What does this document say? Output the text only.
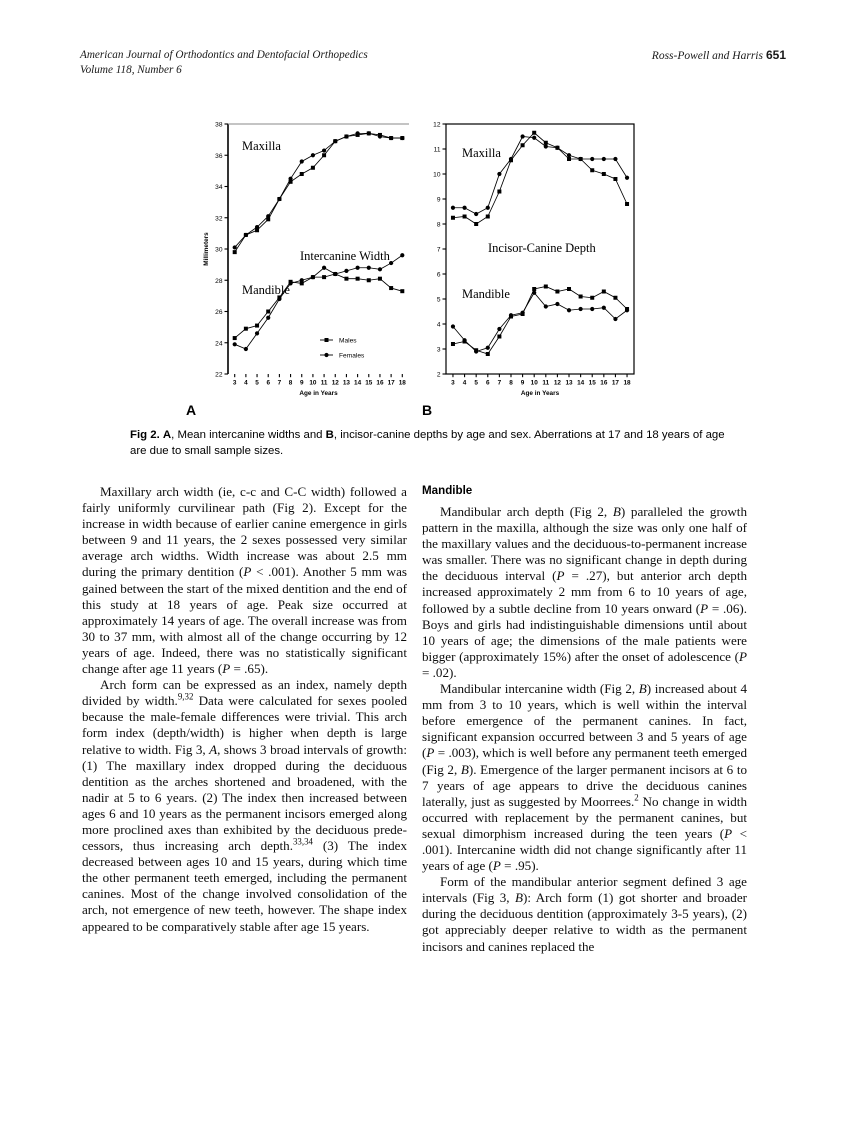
American Journal of Orthodontics and Dentofacial Orthopedics
Volume 118, Number 6
Ross-Powell and Harris 651
22
24
26
28
30
32
34
36
38
3 4 5 6 7 8 9 10 11 12 13 14 15 16 17 18
Age in Years
Millimeters
Maxilla
Intercanine Width
Mandible
Males
Females
A
2
3
4
5
6
7
8
9
10
11
12
3 4 5 6 7 8 9 10 11 12 13 14 15 16 17 18
Age in Years
Maxilla
Incisor-Canine Depth
Mandible
B
Fig 2. A, Mean intercanine widths and B, incisor-canine depths by age and sex. Aberrations at 17 and 18 years of age are due to small sample sizes.

Maxillary arch width (ie, c-c and C-C width) followed a fairly uniformly curvilinear path (Fig 2). Except for the increase in width because of earlier canine emergence in girls between 9 and 11 years, the 2 sexes possessed very similar average arch widths. Width increase was about 2.5 mm during the primary dentition (P < .001). Another 5 mm was gained between the start of the mixed dentition and the end of this study at 18 years of age. Peak size occurred at approximately 14 years of age. The overall increase was from 30 to 37 mm, with almost all of the change occurring by 12 years of age. Indeed, there was no statistically significant change after age 11 years (P = .65).

Arch form can be expressed as an index, namely depth divided by width.$^{9,32}$ Data were calculated for sexes pooled because the male-female differences were trivial. This arch form index (depth/width) is higher when depth is large relative to width. Fig 3, A, shows 3 broad intervals of growth: (1) The maxillary index dropped during the deciduous dentition as the arches shortened and broadened, with the nadir at 5 to 6 years. (2) The index then increased between ages 6 and 10 years as the permanent incisors emerged along more proclined axes than exhibited by the deciduous predecessors, thus increasing arch depth.$^{33,34}$ (3) The index decreased between ages 10 and 15 years, during which time the other permanent teeth emerged, including the permanent canines. Most of the change involved consolidation of the arch, not emergence of new teeth, however. The shape index appeared to be comparatively stable after age 15 years.

Mandible

Mandibular arch depth (Fig 2, B) paralleled the growth pattern in the maxilla, although the size was only one half of the maxillary values and the deciduous-to-permanent increase was smaller. There was no significant change in depth during the deciduous interval (P = .27), but anterior arch depth increased approximately 2 mm from 6 to 10 years of age, followed by a subtle decline from 10 years onward (P = .06). Boys and girls had indistinguishable dimensions until about 10 years of age; the dimensions of the male patients were bigger (approximately 15%) after the onset of adolescence (P = .02).

Mandibular intercanine width (Fig 2, B) increased about 4 mm from 3 to 10 years, which is well within the interval before emergence of the permanent canines. In fact, significant expansion occurred between 3 and 5 years of age (P = .003), which is well before any permanent teeth emerged (Fig 2, B). Emergence of the larger permanent incisors at 6 to 7 years of age appears to drive the deciduous canines laterally, just as suggested by Moorrees.$^2$ No change in width occurred with replacement by the permanent canines, but sexual dimorphism increased during the teen years (P < .001). Intercanine width did not change significantly after 11 years of age (P = .95).

Form of the mandibular anterior segment defined 3 age intervals (Fig 3, B): Arch form (1) got shorter and broader during the deciduous dentition (approximately 3-5 years), (2) got appreciably deeper relative to width as the permanent incisors and canines replaced the
